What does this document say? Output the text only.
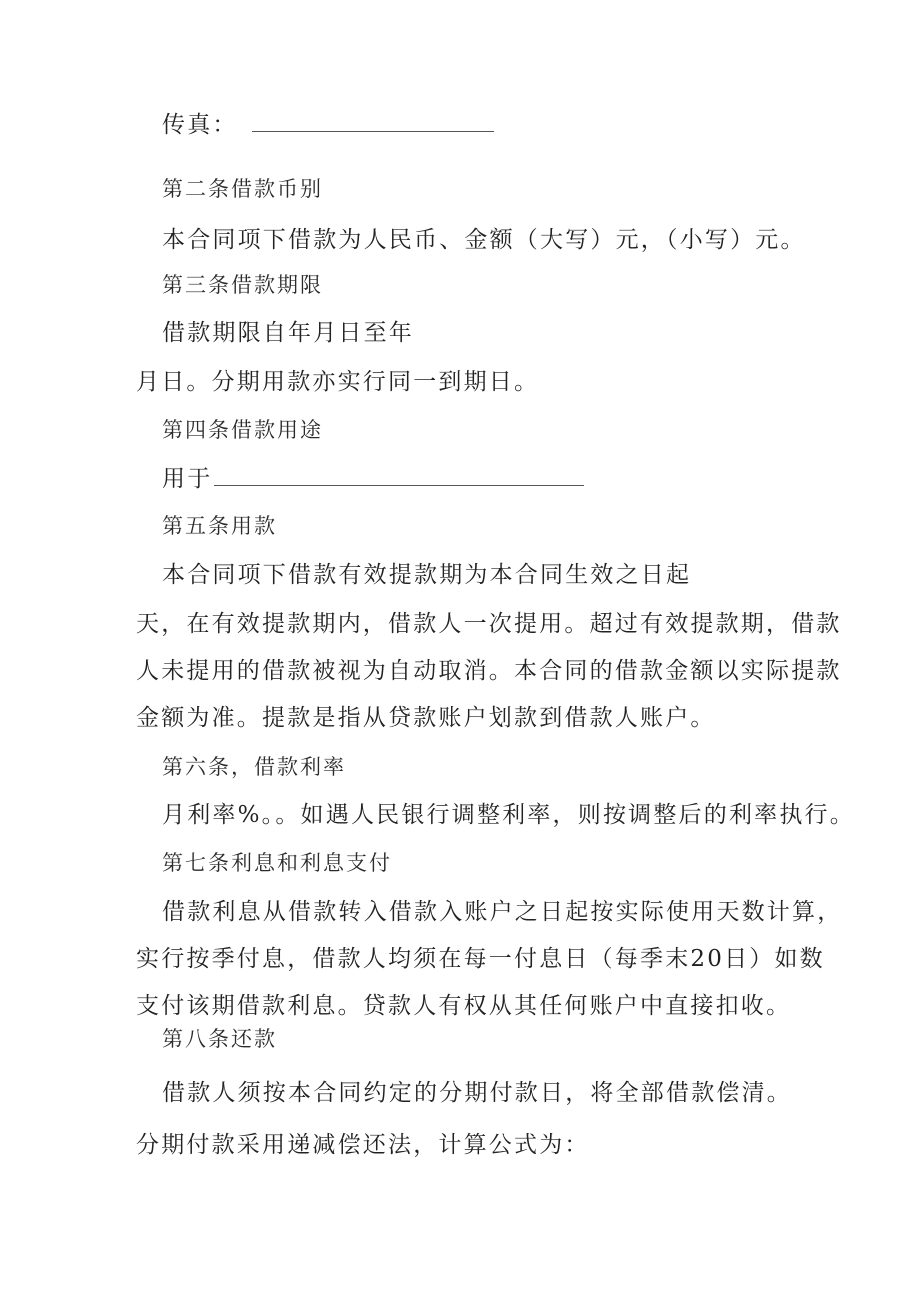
传真：
第二条借款币别
本合同项下借款为人民币、金额（大写）元，（小写）元。
第三条借款期限
借款期限自年月日至年
月日。分期用款亦实行同一到期日。
第四条借款用途
用于
第五条用款
本合同项下借款有效提款期为本合同生效之日起
天，在有效提款期内，借款人一次提用。超过有效提款期，借款
人未提用的借款被视为自动取消。本合同的借款金额以实际提款
金额为准。提款是指从贷款账户划款到借款人账户。
第六条，借款利率
月利率%。。如遇人民银行调整利率，则按调整后的利率执行。
第七条利息和利息支付
借款利息从借款转入借款入账户之日起按实际使用天数计算，
实行按季付息，借款人均须在每一付息日（每季末20日）如数
支付该期借款利息。贷款人有权从其任何账户中直接扣收。
第八条还款
借款人须按本合同约定的分期付款日，将全部借款偿清。
分期付款采用递减偿还法，计算公式为：
